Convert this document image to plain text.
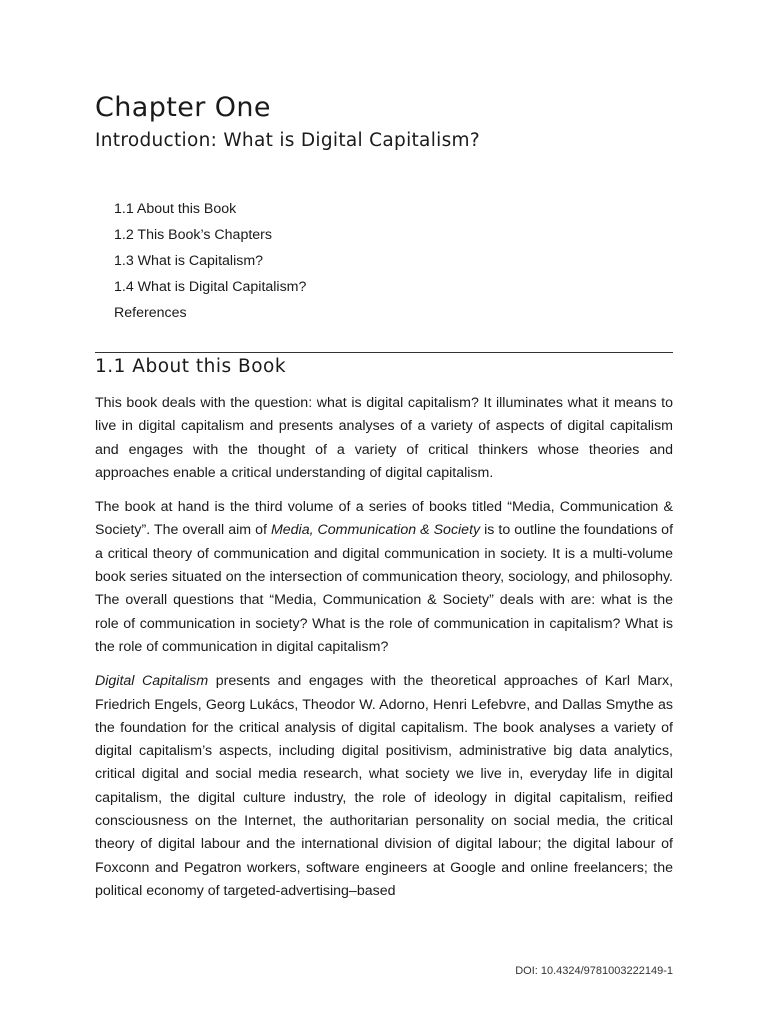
Chapter One
Introduction: What is Digital Capitalism?
1.1 About this Book
1.2 This Book’s Chapters
1.3 What is Capitalism?
1.4 What is Digital Capitalism?
References
1.1 About this Book

This book deals with the question: what is digital capitalism? It illuminates what it means to live in digital capitalism and presents analyses of a variety of aspects of digital capitalism and engages with the thought of a variety of critical thinkers whose theories and approaches enable a critical understanding of digital capitalism.

The book at hand is the third volume of a series of books titled “Media, Communication & Society”. The overall aim of Media, Communication & Society is to outline the foundations of a critical theory of communication and digital communication in society. It is a multi-volume book series situated on the intersection of communication theory, sociology, and philosophy. The overall questions that “Media, Communication & Society” deals with are: what is the role of communication in society? What is the role of communication in capitalism? What is the role of communication in digital capitalism?

Digital Capitalism presents and engages with the theoretical approaches of Karl Marx, Friedrich Engels, Georg Lukács, Theodor W. Adorno, Henri Lefebvre, and Dallas Smythe as the foundation for the critical analysis of digital capitalism. The book analyses a variety of digital capitalism’s aspects, including digital positivism, administrative big data analytics, critical digital and social media research, what society we live in, everyday life in digital capitalism, the digital culture industry, the role of ideology in digital capitalism, reified consciousness on the Internet, the authoritarian personality on social media, the critical theory of digital labour and the international division of digital labour; the digital labour of Foxconn and Pegatron workers, software engineers at Google and online freelancers; the political economy of targeted-advertising–based

DOI: 10.4324/9781003222149-1
